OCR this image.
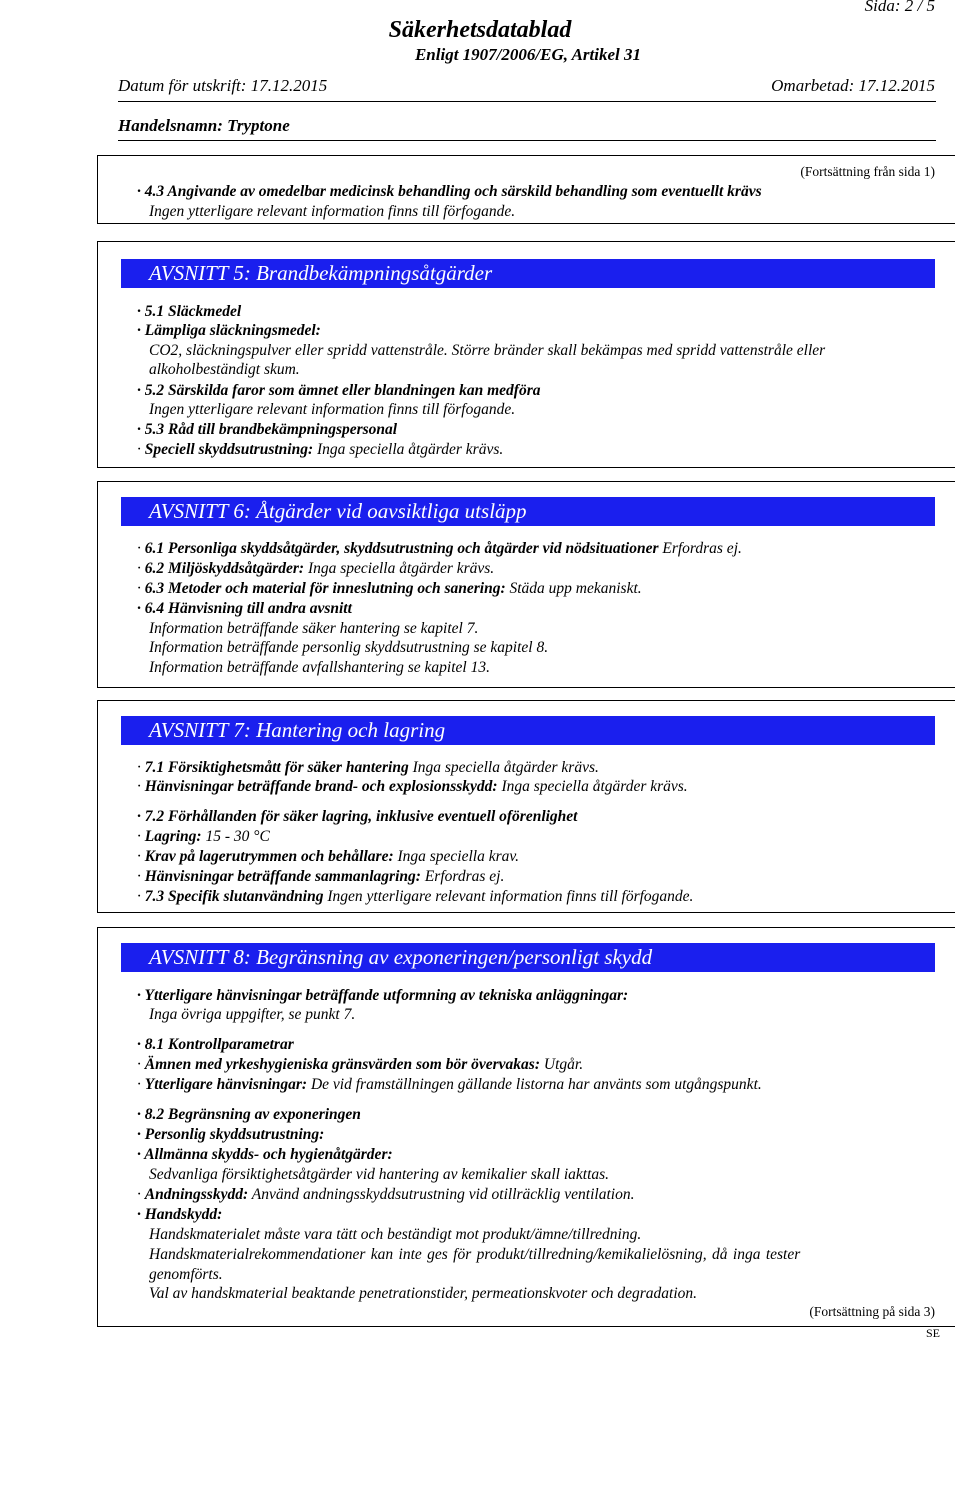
Sida: 2 / 5
Säkerhetsdatablad
Enligt 1907/2006/EG, Artikel 31
Datum för utskrift: 17.12.2015	Omarbetad: 17.12.2015
Handelsnamn: Tryptone
(Fortsättning från sida 1)
· 4.3 Angivande av omedelbar medicinsk behandling och särskild behandling som eventuellt krävs
Ingen ytterligare relevant information finns till förfogande.
AVSNITT 5: Brandbekämpningsåtgärder
· 5.1 Släckmedel
· Lämpliga släckningsmedel:
CO2, släckningspulver eller spridd vattenstråle. Större bränder skall bekämpas med spridd vattenstråle eller
alkoholbeständigt skum.
· 5.2 Särskilda faror som ämnet eller blandningen kan medföra
Ingen ytterligare relevant information finns till förfogande.
· 5.3 Råd till brandbekämpningspersonal
· Speciell skyddsutrustning: Inga speciella åtgärder krävs.
AVSNITT 6: Åtgärder vid oavsiktliga utsläpp
· 6.1 Personliga skyddsåtgärder, skyddsutrustning och åtgärder vid nödsituationer Erfordras ej.
· 6.2 Miljöskyddsåtgärder: Inga speciella åtgärder krävs.
· 6.3 Metoder och material för inneslutning och sanering: Städa upp mekaniskt.
· 6.4 Hänvisning till andra avsnitt
Information beträffande säker hantering se kapitel 7.
Information beträffande personlig skyddsutrustning se kapitel 8.
Information beträffande avfallshantering se kapitel 13.
AVSNITT 7: Hantering och lagring
· 7.1 Försiktighetsmått för säker hantering Inga speciella åtgärder krävs.
· Hänvisningar beträffande brand- och explosionsskydd: Inga speciella åtgärder krävs.
· 7.2 Förhållanden för säker lagring, inklusive eventuell oförenlighet
· Lagring: 15 - 30 °C
· Krav på lagerutrymmen och behållare: Inga speciella krav.
· Hänvisningar beträffande sammanlagring: Erfordras ej.
· 7.3 Specifik slutanvändning Ingen ytterligare relevant information finns till förfogande.
AVSNITT 8: Begränsning av exponeringen/personligt skydd
· Ytterligare hänvisningar beträffande utformning av tekniska anläggningar:
Inga övriga uppgifter, se punkt 7.
· 8.1 Kontrollparametrar
· Ämnen med yrkeshygieniska gränsvärden som bör övervakas: Utgår.
· Ytterligare hänvisningar: De vid framställningen gällande listorna har använts som utgångspunkt.
· 8.2 Begränsning av exponeringen
· Personlig skyddsutrustning:
· Allmänna skydds- och hygienåtgärder:
Sedvanliga försiktighetsåtgärder vid hantering av kemikalier skall iakttas.
· Andningsskydd: Använd andningsskyddsutrustning vid otillräcklig ventilation.
· Handskydd:
Handskmaterialet måste vara tätt och beständigt mot produkt/ämne/tillredning.
Handskmaterialrekommendationer kan inte ges för produkt/tillredning/kemikalielösning, då inga tester
genomförts.
Val av handskmaterial beaktande penetrationstider, permeationskvoter och degradation.
(Fortsättning på sida 3)
SE
